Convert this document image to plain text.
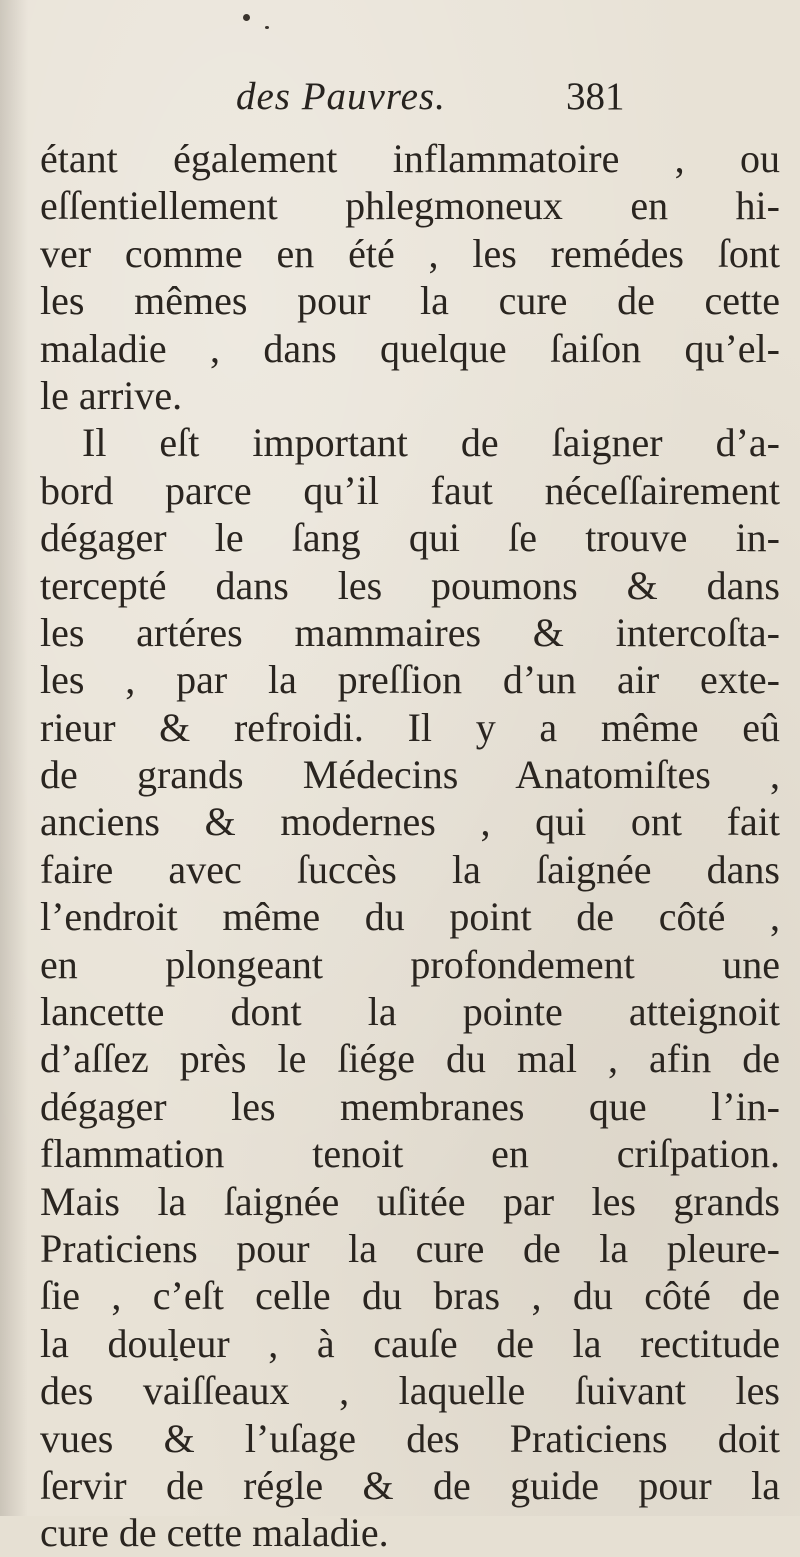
des Pauvres.	381
étant également inflammatoire , ou
eſſentiellement phlegmoneux en hi-
ver comme en été , les remédes ſont
les mêmes pour la cure de cette
maladie , dans quelque ſaiſon qu’el-
le arrive.
Il eſt important de ſaigner d’a-
bord parce qu’il faut néceſſairement
dégager le ſang qui ſe trouve in-
tercepté dans les poumons & dans
les artéres mammaires & intercoſta-
les , par la preſſion d’un air exte-
rieur & refroidi. Il y a même eû
de grands Médecins Anatomiſtes ,
anciens & modernes , qui ont fait
faire avec ſuccès la ſaignée dans
l’endroit même du point de côté ,
en plongeant profondement une
lancette dont la pointe atteignoit
d’aſſez près le ſiége du mal , afin de
dégager les membranes que l’in-
flammation tenoit en criſpation.
Mais la ſaignée uſitée par les grands
Praticiens pour la cure de la pleure-
ſie , c’eſt celle du bras , du côté de
la douleur , à cauſe de la rectitude
des vaiſſeaux , laquelle ſuivant les
vues & l’uſage des Praticiens doit
ſervir de régle & de guide pour la
cure de cette maladie.
